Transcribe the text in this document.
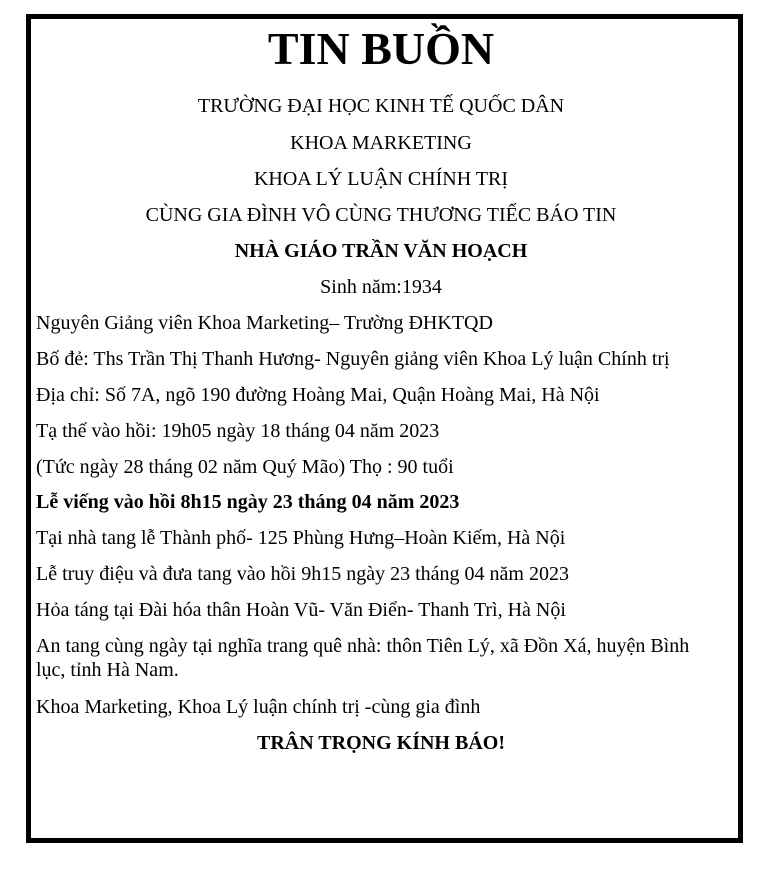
TIN BUỒN

TRƯỜNG ĐẠI HỌC KINH TẾ QUỐC DÂN

KHOA MARKETING

KHOA LÝ LUẬN CHÍNH TRỊ

CÙNG GIA ĐÌNH VÔ CÙNG THƯƠNG TIẾC BÁO TIN

NHÀ GIÁO TRẦN VĂN HOẠCH

Sinh năm:1934

Nguyên Giảng viên Khoa Marketing– Trường ĐHKTQD

Bố đẻ: Ths Trần Thị Thanh Hương- Nguyên giảng viên Khoa Lý luận Chính trị

Địa chỉ: Số 7A, ngõ 190 đường Hoàng Mai, Quận Hoàng Mai, Hà Nội

Tạ thế vào hồi: 19h05 ngày 18 tháng 04 năm 2023

(Tức ngày 28 tháng 02 năm Quý Mão) Thọ : 90 tuổi

Lễ viếng vào hồi 8h15 ngày 23 tháng 04 năm 2023

Tại nhà tang lễ Thành phố- 125 Phùng Hưng–Hoàn Kiếm, Hà Nội

Lễ truy điệu và đưa tang vào hồi 9h15 ngày 23 tháng 04 năm 2023

Hỏa táng tại Đài hóa thân Hoàn Vũ- Văn Điển- Thanh Trì, Hà Nội

An tang cùng ngày tại nghĩa trang quê nhà: thôn Tiên Lý, xã Đồn Xá, huyện Bình

lục, tỉnh Hà Nam.

Khoa Marketing, Khoa Lý luận chính trị -cùng gia đình

TRÂN TRỌNG KÍNH BÁO!
